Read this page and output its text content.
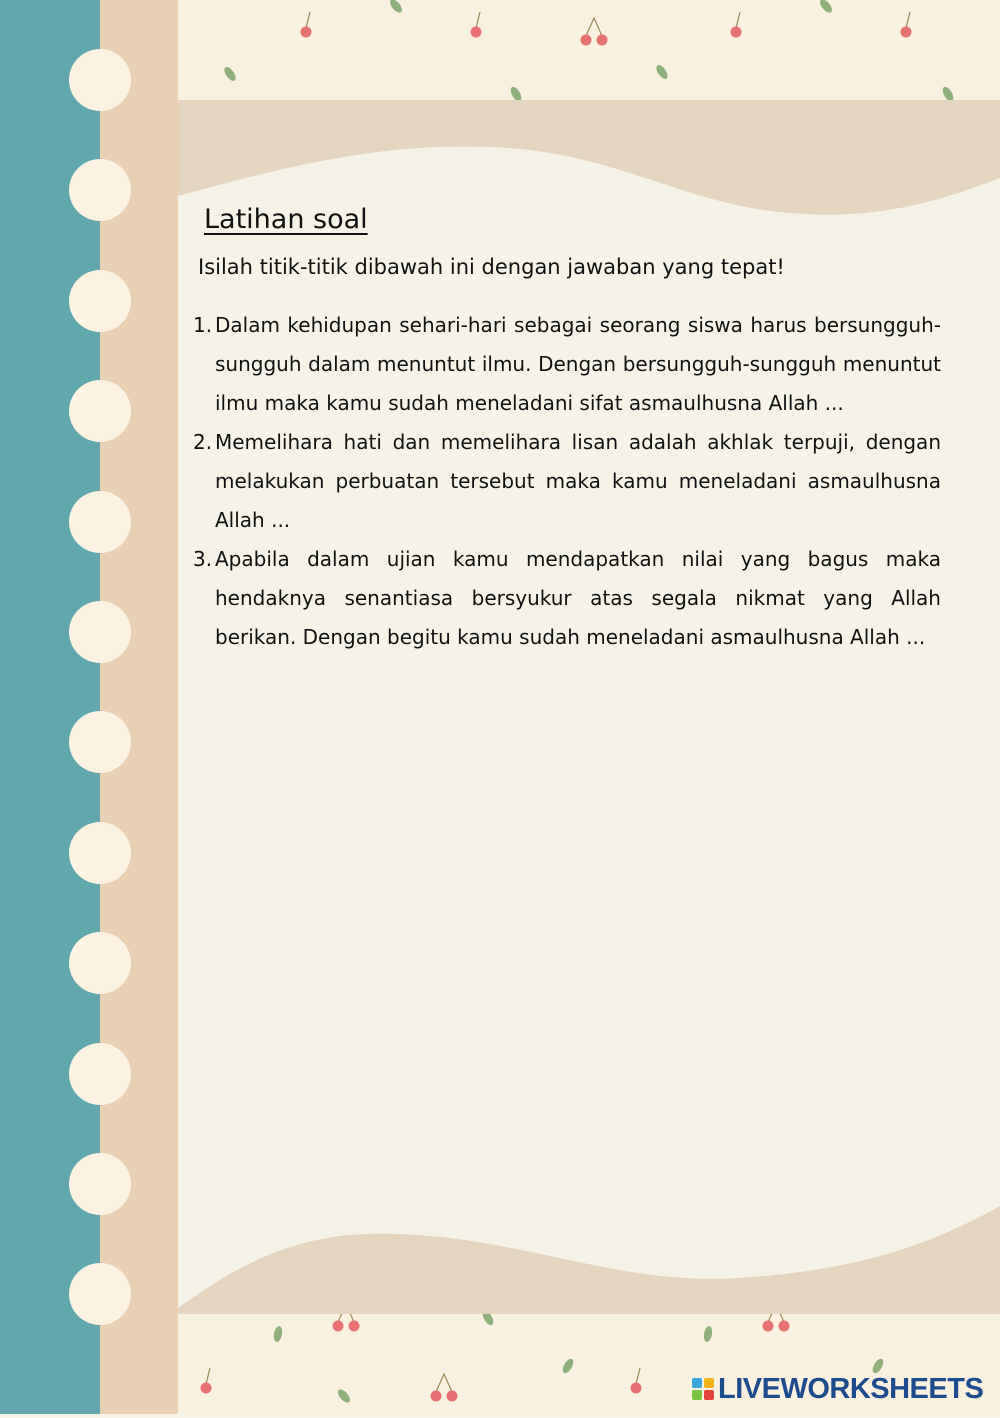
Latihan soal

Isilah titik-titik dibawah ini dengan jawaban yang tepat!

1. Dalam kehidupan sehari-hari sebagai seorang siswa harus bersungguh-sungguh dalam menuntut ilmu. Dengan bersungguh-sungguh menuntut ilmu maka kamu sudah meneladani sifat asmaulhusna Allah ...
2. Memelihara hati dan memelihara lisan adalah akhlak terpuji, dengan melakukan perbuatan tersebut maka kamu meneladani asmaulhusna Allah ...
3. Apabila dalam ujian kamu mendapatkan nilai yang bagus maka hendaknya senantiasa bersyukur atas segala nikmat yang Allah berikan. Dengan begitu kamu sudah meneladani asmaulhusna Allah ...
LIVEWORKSHEETS
